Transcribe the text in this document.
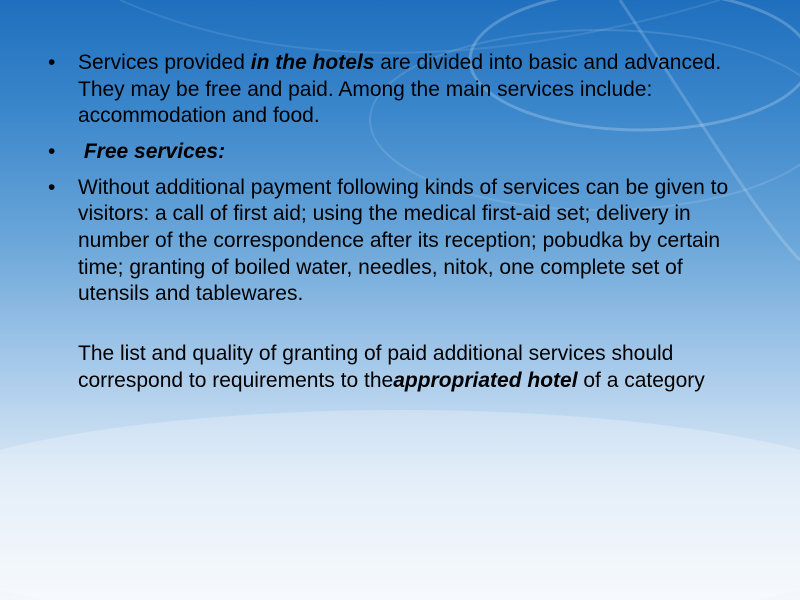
• Services provided in the hotels are divided into basic and advanced. They may be free and paid. Among the main services include: accommodation and food.
• Free services:
• Without additional payment following kinds of services can be given to visitors: a call of first aid; using the medical first-aid set; delivery in number of the correspondence after its reception; pobudka by certain time; granting of boiled water, needles, nitok, one complete set of utensils and tablewares.
The list and quality of granting of paid additional services should correspond to requirements to theappropriated hotel of a category
